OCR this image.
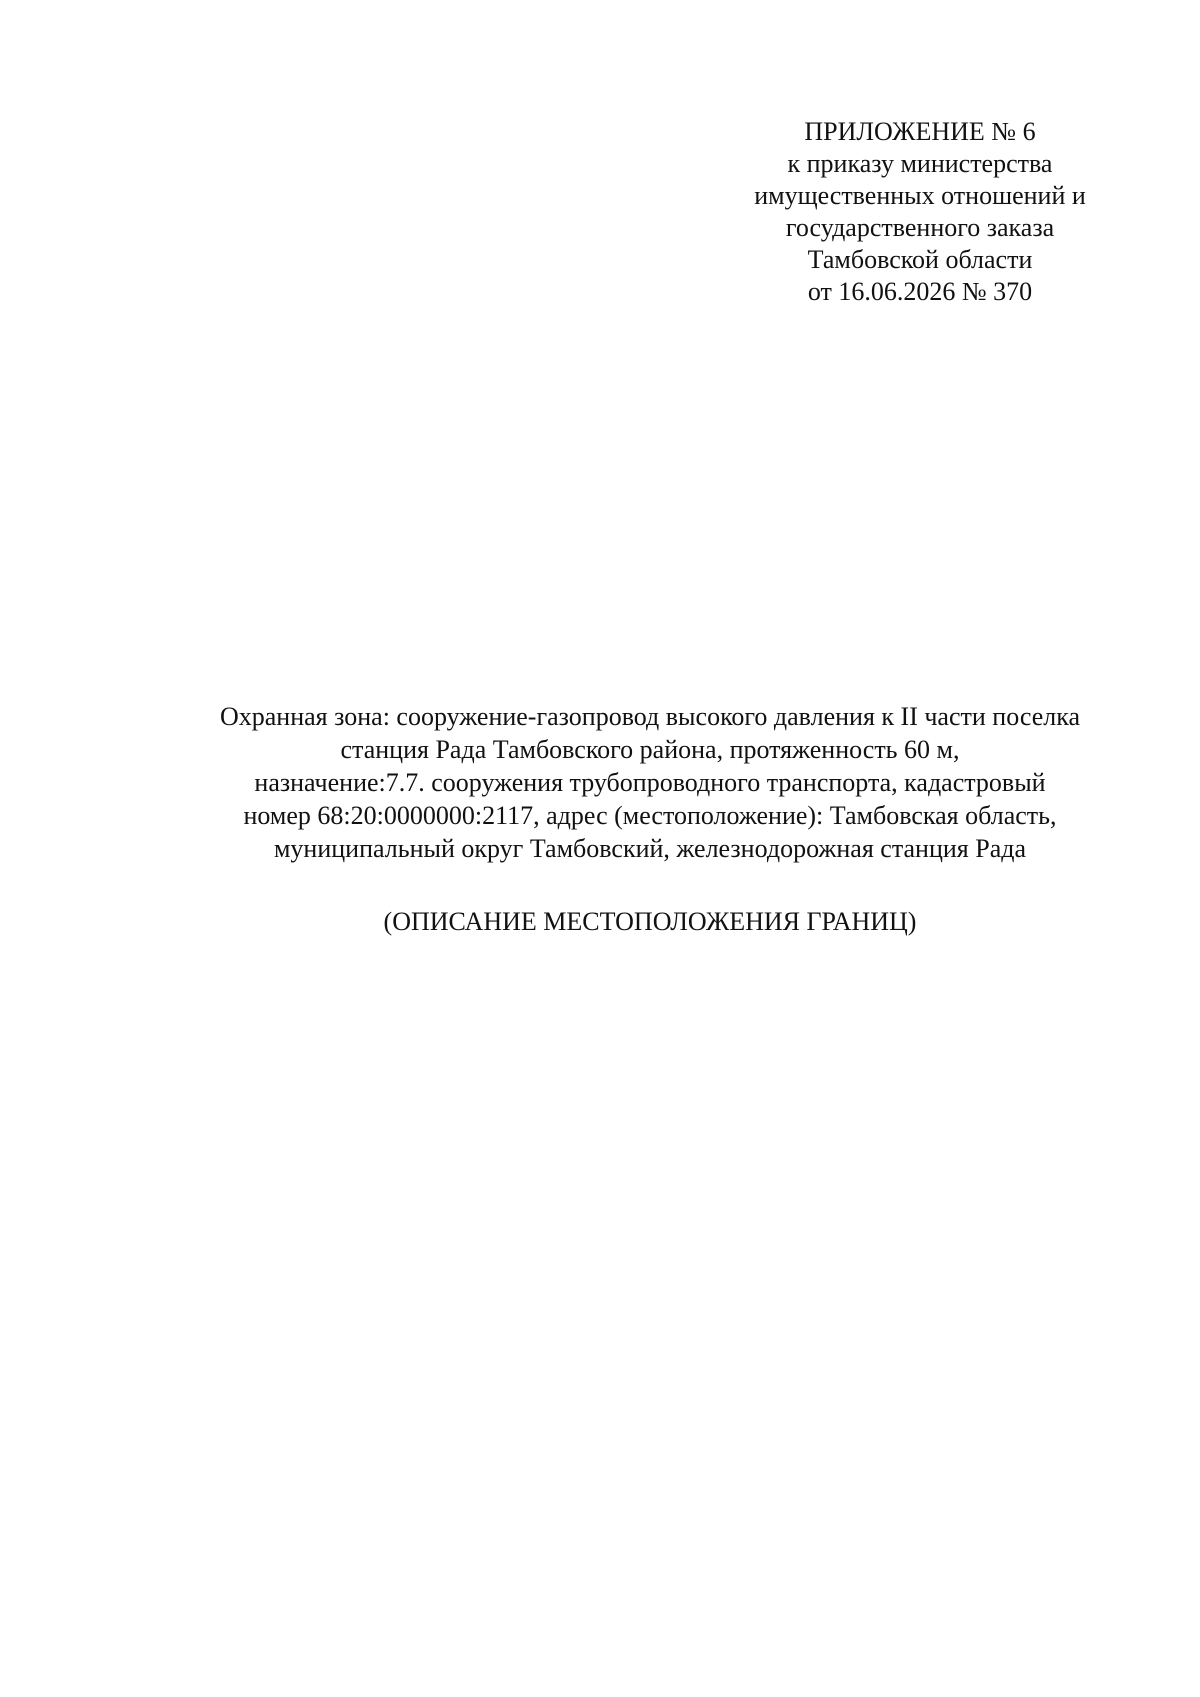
ПРИЛОЖЕНИЕ № 6
к приказу министерства
имущественных отношений и
государственного заказа
Тамбовской области
от 16.06.2026 № 370
Охранная зона: сооружение-газопровод высокого давления к II части поселка
станция Рада Тамбовского района, протяженность 60 м,
назначение:7.7. сооружения трубопроводного транспорта, кадастровый
номер 68:20:0000000:2117, адрес (местоположение): Тамбовская область,
муниципальный округ Тамбовский, железнодорожная станция Рада
(ОПИСАНИЕ МЕСТОПОЛОЖЕНИЯ ГРАНИЦ)
